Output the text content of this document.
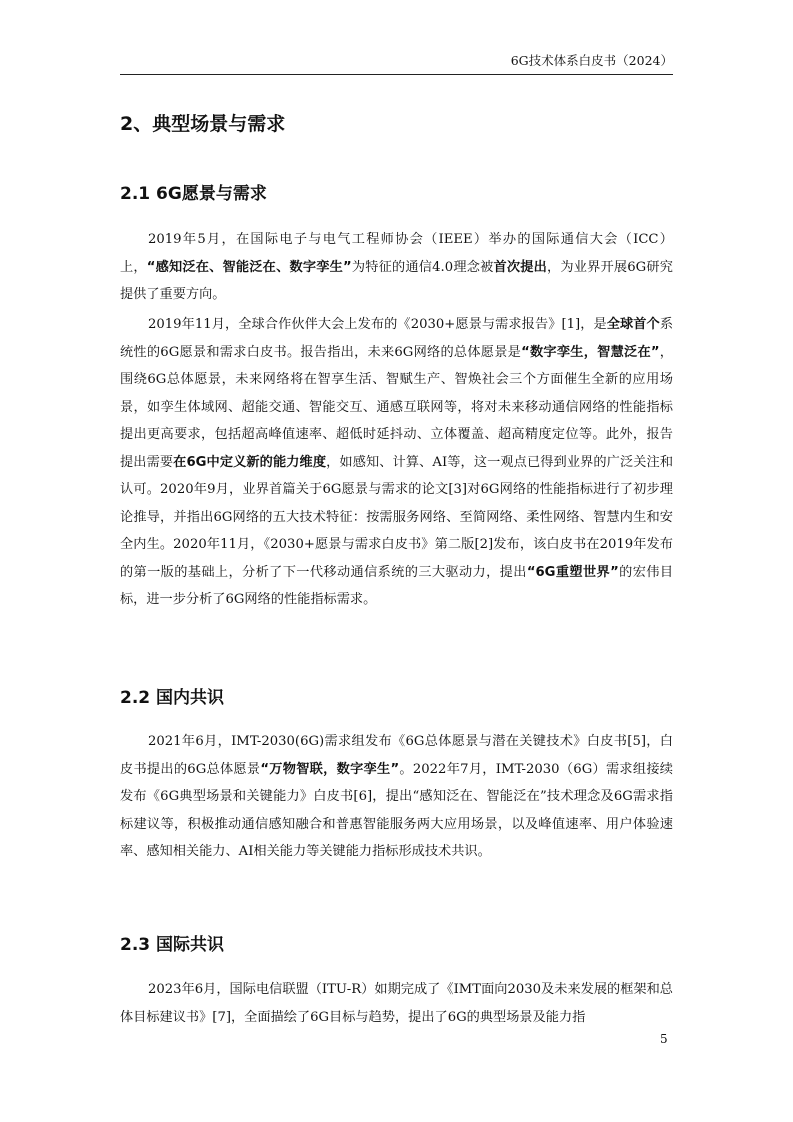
6G技术体系白皮书（2024）
2、典型场景与需求
2.1 6G愿景与需求

2019年5月，在国际电子与电气工程师协会（IEEE）举办的国际通信大会（ICC）上，“感知泛在、智能泛在、数字孪生”为特征的通信4.0理念被首次提出，为业界开展6G研究提供了重要方向。

2019年11月，全球合作伙伴大会上发布的《2030+愿景与需求报告》[1]，是全球首个系统性的6G愿景和需求白皮书。报告指出，未来6G网络的总体愿景是“数字孪生，智慧泛在”，围绕6G总体愿景，未来网络将在智享生活、智赋生产、智焕社会三个方面催生全新的应用场景，如孪生体域网、超能交通、智能交互、通感互联网等，将对未来移动通信网络的性能指标提出更高要求，包括超高峰值速率、超低时延抖动、立体覆盖、超高精度定位等。此外，报告提出需要在6G中定义新的能力维度，如感知、计算、AI等，这一观点已得到业界的广泛关注和认可。2020年9月，业界首篇关于6G愿景与需求的论文[3]对6G网络的性能指标进行了初步理论推导，并指出6G网络的五大技术特征：按需服务网络、至简网络、柔性网络、智慧内生和安全内生。2020年11月，《2030+愿景与需求白皮书》第二版[2]发布，该白皮书在2019年发布的第一版的基础上，分析了下一代移动通信系统的三大驱动力，提出“6G重塑世界”的宏伟目标，进一步分析了6G网络的性能指标需求。

2.2 国内共识

2021年6月，IMT-2030(6G)需求组发布《6G总体愿景与潜在关键技术》白皮书[5]，白皮书提出的6G总体愿景“万物智联，数字孪生”。2022年7月，IMT-2030（6G）需求组接续发布《6G典型场景和关键能力》白皮书[6]，提出“感知泛在、智能泛在”技术理念及6G需求指标建议等，积极推动通信感知融合和普惠智能服务两大应用场景，以及峰值速率、用户体验速率、感知相关能力、AI相关能力等关键能力指标形成技术共识。

2.3 国际共识

2023年6月，国际电信联盟（ITU-R）如期完成了《IMT面向2030及未来发展的框架和总体目标建议书》[7]，全面描绘了6G目标与趋势，提出了6G的典型场景及能力指

5
